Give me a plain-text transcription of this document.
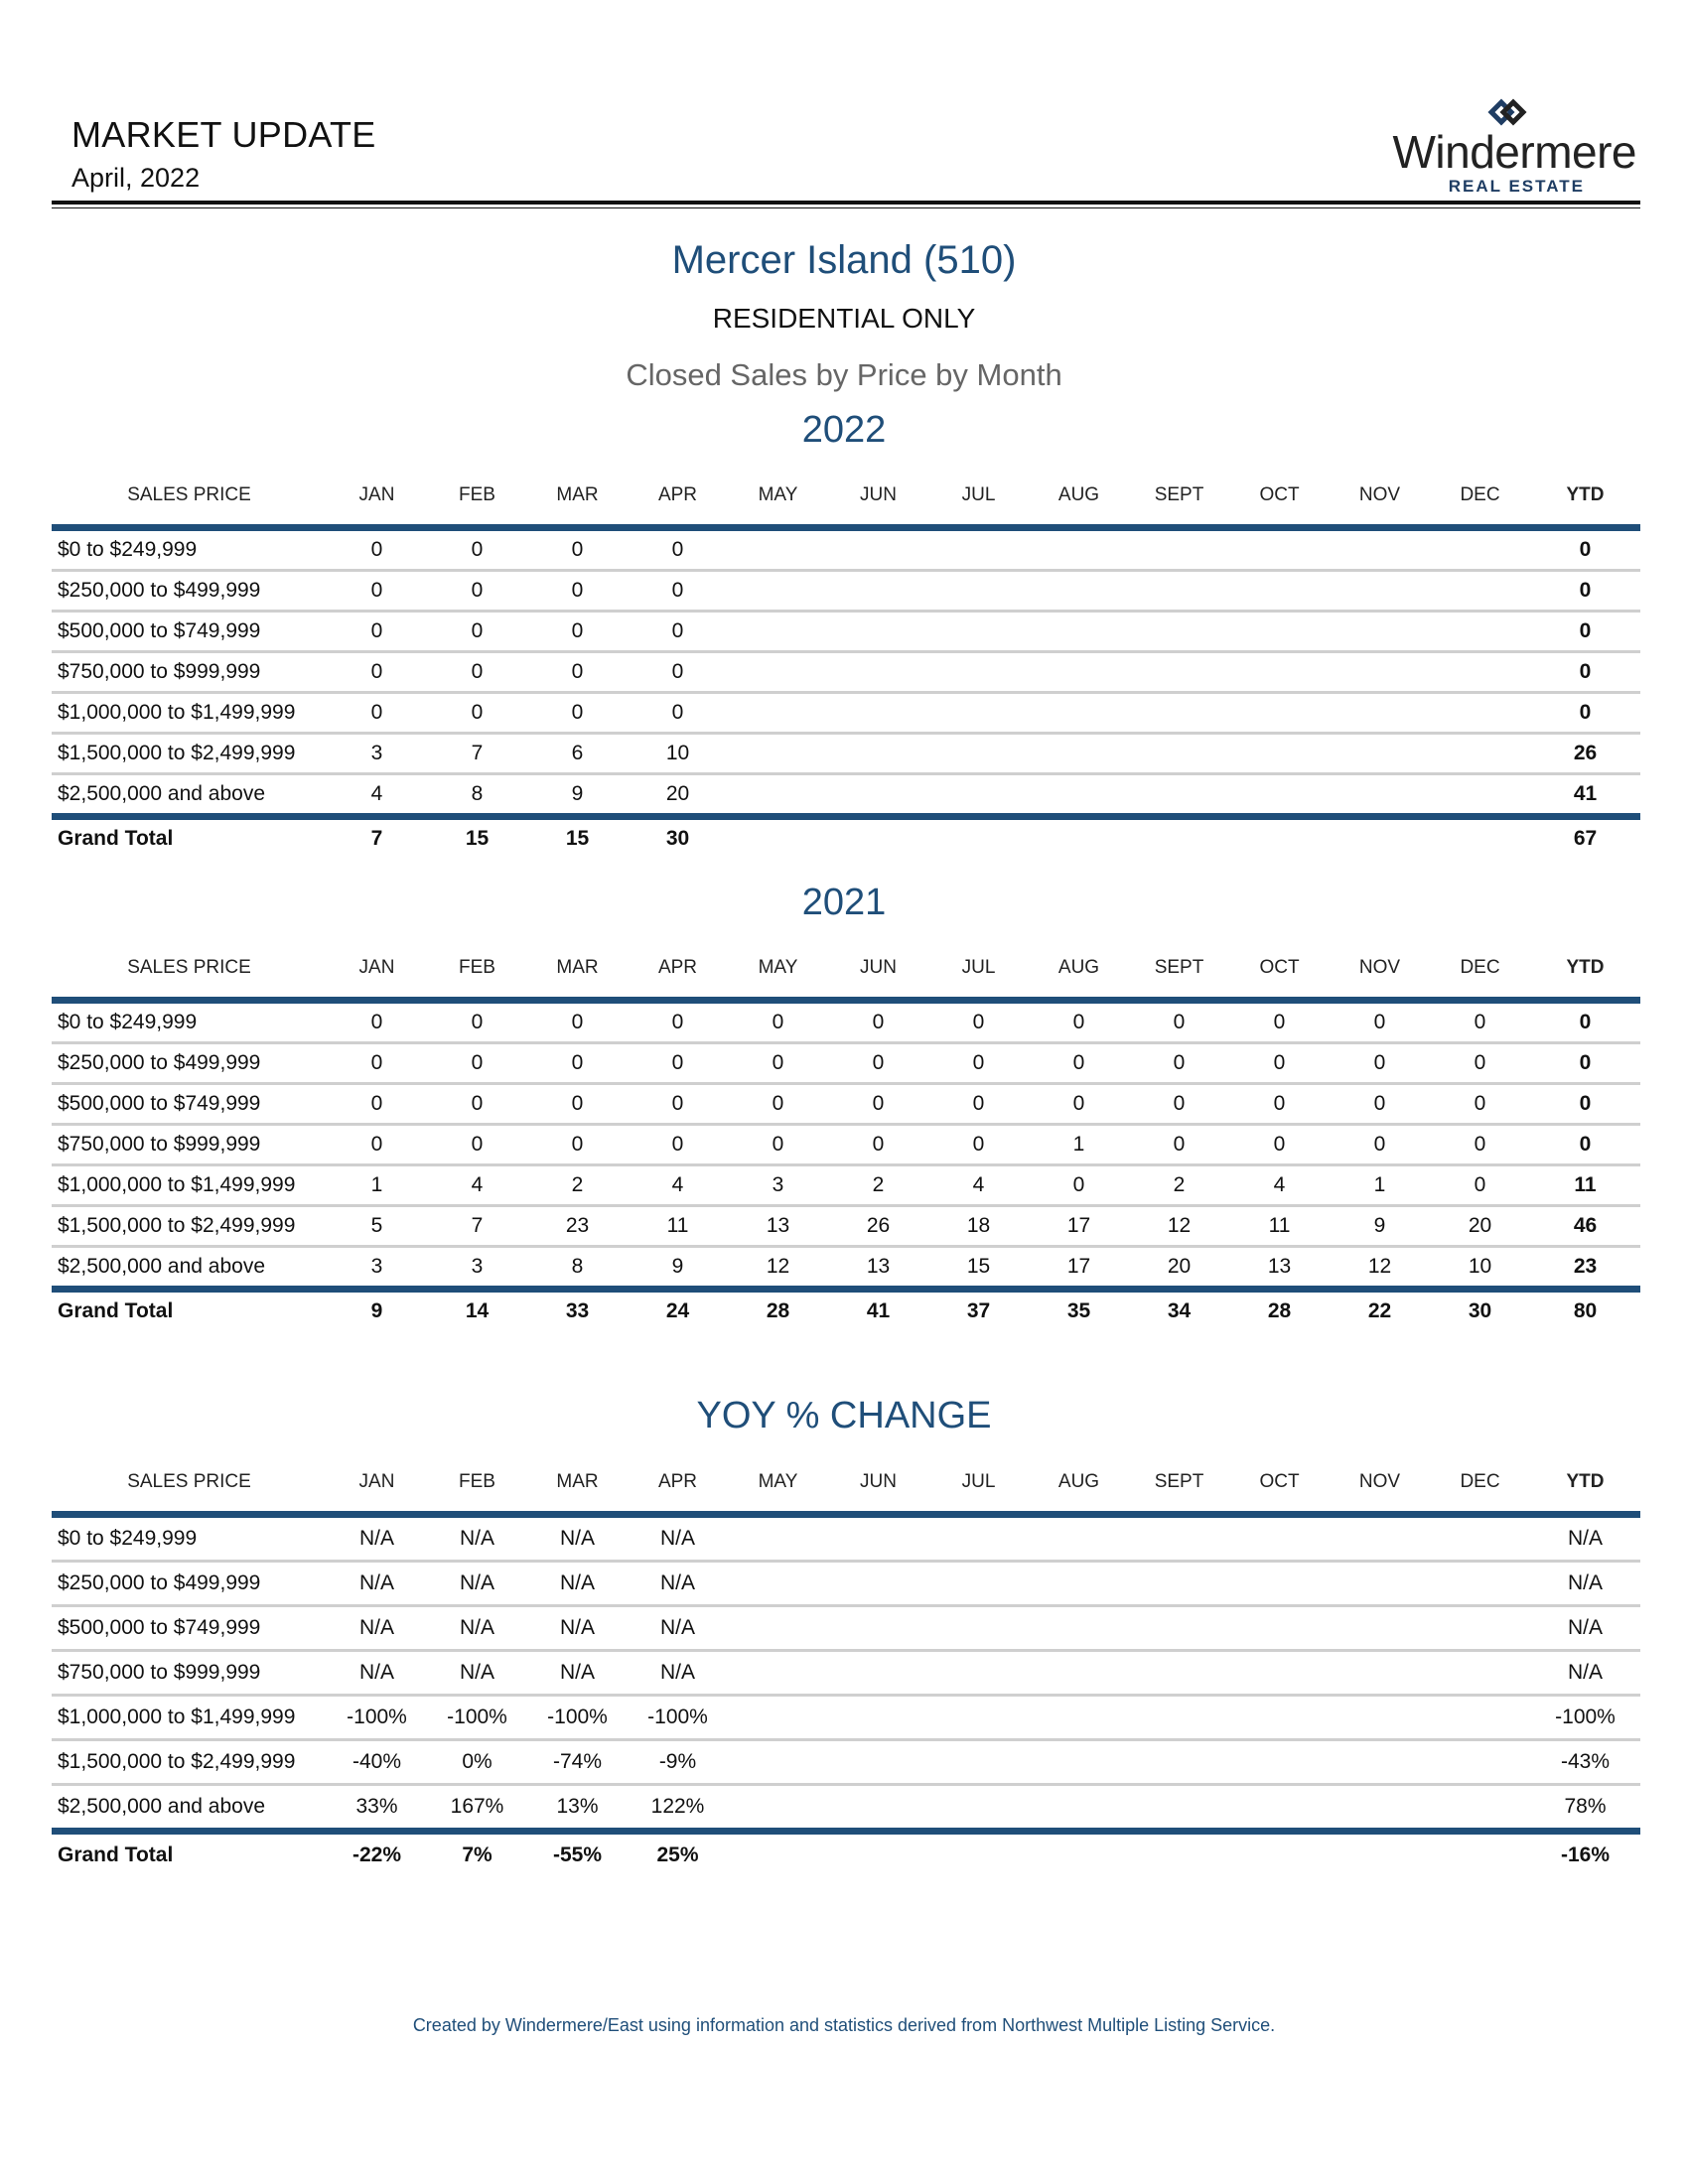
MARKET UPDATE
April, 2022	Windermere
REAL ESTATE
Mercer Island (510)
RESIDENTIAL ONLY
Closed Sales by Price by Month
2022
SALES PRICE	JAN	FEB	MAR	APR	MAY	JUN	JUL	AUG	SEPT	OCT	NOV	DEC	YTD
$0 to $249,999	0	0	0	0									0
$250,000 to $499,999	0	0	0	0									0
$500,000 to $749,999	0	0	0	0									0
$750,000 to $999,999	0	0	0	0									0
$1,000,000 to $1,499,999	0	0	0	0									0
$1,500,000 to $2,499,999	3	7	6	10									26
$2,500,000 and above	4	8	9	20									41
Grand Total	7	15	15	30									67
2021
SALES PRICE	JAN	FEB	MAR	APR	MAY	JUN	JUL	AUG	SEPT	OCT	NOV	DEC	YTD
$0 to $249,999	0	0	0	0	0	0	0	0	0	0	0	0	0
$250,000 to $499,999	0	0	0	0	0	0	0	0	0	0	0	0	0
$500,000 to $749,999	0	0	0	0	0	0	0	0	0	0	0	0	0
$750,000 to $999,999	0	0	0	0	0	0	0	1	0	0	0	0	0
$1,000,000 to $1,499,999	1	4	2	4	3	2	4	0	2	4	1	0	11
$1,500,000 to $2,499,999	5	7	23	11	13	26	18	17	12	11	9	20	46
$2,500,000 and above	3	3	8	9	12	13	15	17	20	13	12	10	23
Grand Total	9	14	33	24	28	41	37	35	34	28	22	30	80
YOY % CHANGE
SALES PRICE	JAN	FEB	MAR	APR	MAY	JUN	JUL	AUG	SEPT	OCT	NOV	DEC	YTD
$0 to $249,999	N/A	N/A	N/A	N/A									N/A
$250,000 to $499,999	N/A	N/A	N/A	N/A									N/A
$500,000 to $749,999	N/A	N/A	N/A	N/A									N/A
$750,000 to $999,999	N/A	N/A	N/A	N/A									N/A
$1,000,000 to $1,499,999	-100%	-100%	-100%	-100%									-100%
$1,500,000 to $2,499,999	-40%	0%	-74%	-9%									-43%
$2,500,000 and above	33%	167%	13%	122%									78%
Grand Total	-22%	7%	-55%	25%									-16%
Created by Windermere/East using information and statistics derived from Northwest Multiple Listing Service.
